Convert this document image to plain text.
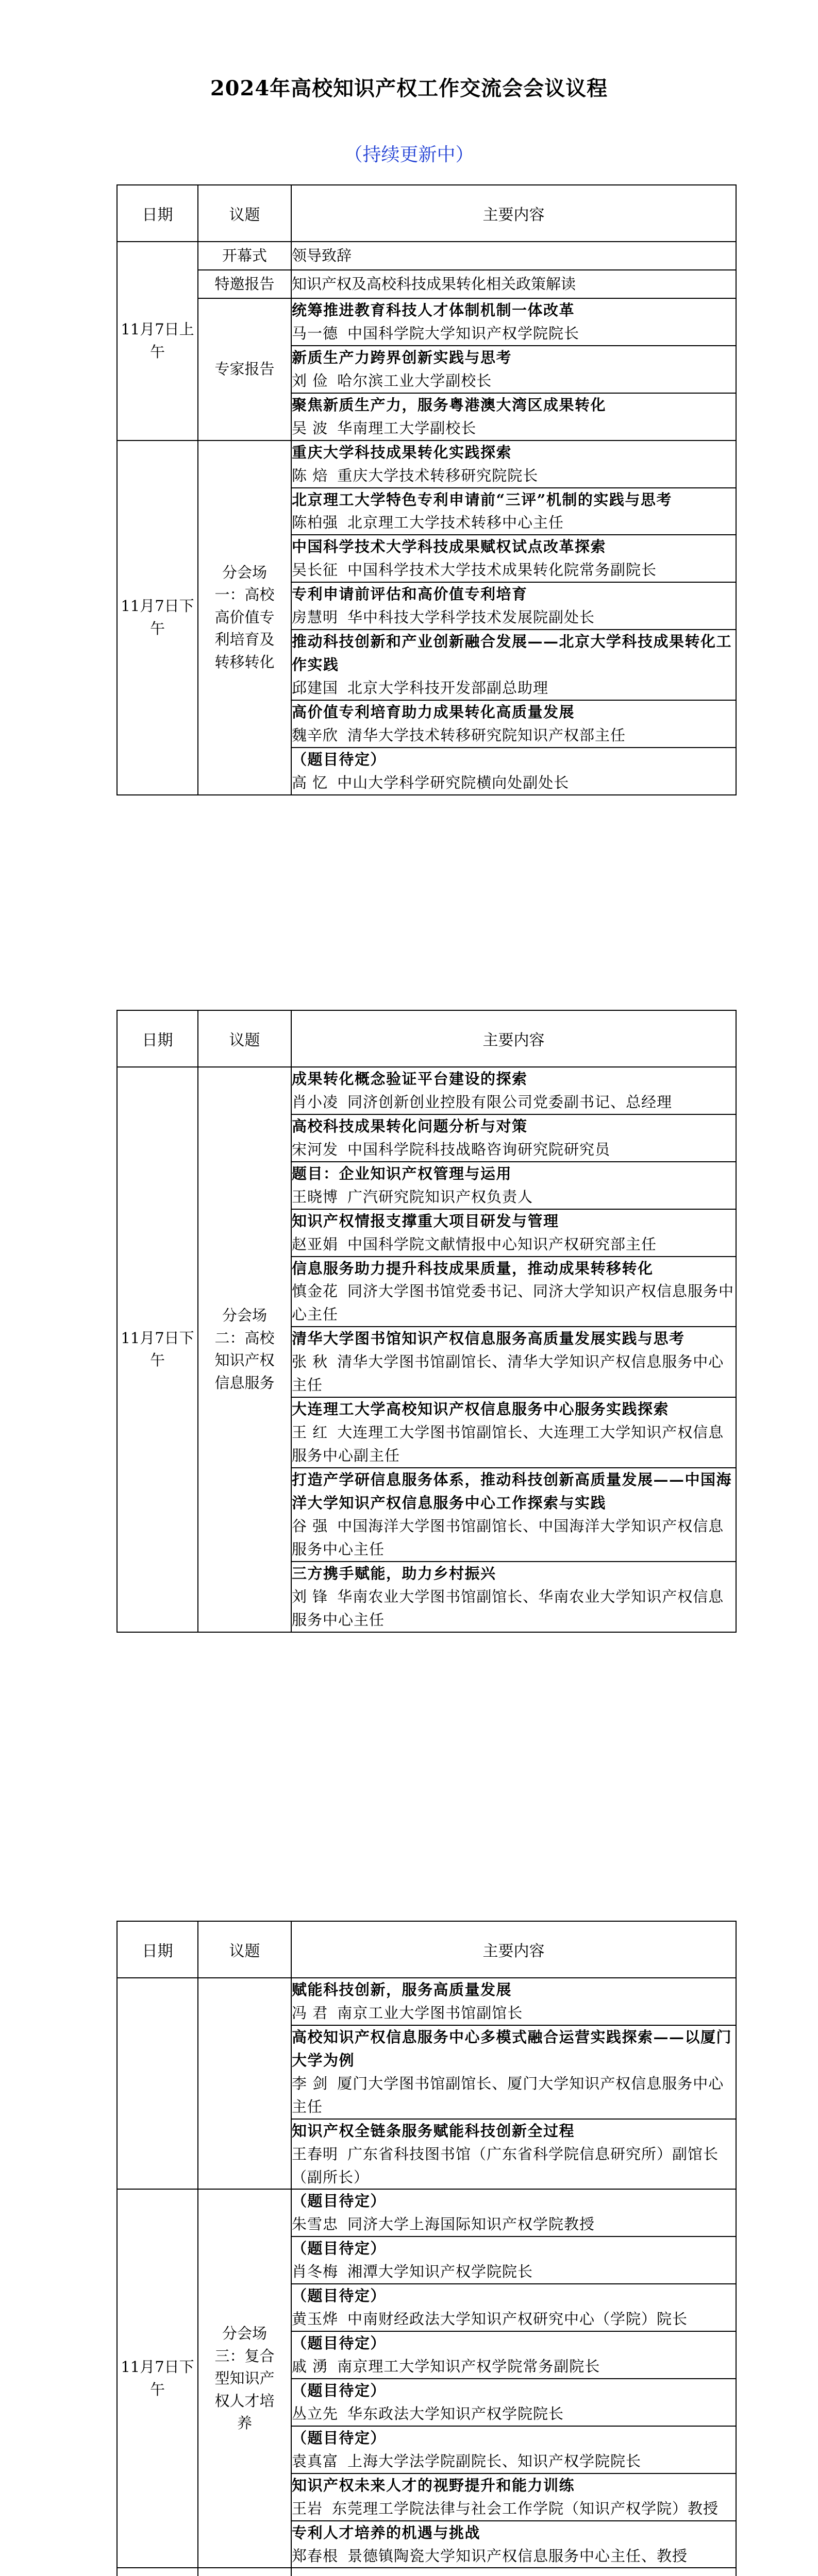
2024年高校知识产权工作交流会会议议程
（持续更新中）
日期	议题	主要内容
11月7日上午	开幕式	领导致辞
	特邀报告	知识产权及高校科技成果转化相关政策解读
	专家报告	统筹推进教育科技人才体制机制一体改革
马一德 中国科学院大学知识产权学院院长

		新质生产力跨界创新实践与思考
刘 俭 哈尔滨工业大学副校长

		聚焦新质生产力，服务粤港澳大湾区成果转化
吴 波 华南理工大学副校长

11月7日下午	分会场一：高校高价值专利培育及转移转化	重庆大学科技成果转化实践探索
陈 焙 重庆大学技术转移研究院院长

		北京理工大学特色专利申请前“三评”机制的实践与思考
陈柏强 北京理工大学技术转移中心主任

		中国科学技术大学科技成果赋权试点改革探索
吴长征 中国科学技术大学技术成果转化院常务副院长

		专利申请前评估和高价值专利培育
房慧明 华中科技大学科学技术发展院副处长

		推动科技创新和产业创新融合发展——北京大学科技成果转化工作实践
邱建国 北京大学科技开发部副总助理

		高价值专利培育助力成果转化高质量发展
魏辛欣 清华大学技术转移研究院知识产权部主任

		（题目待定）
高 忆 中山大学科学研究院横向处副处长
日期	议题	主要内容
11月7日下午	分会场二：高校知识产权信息服务	成果转化概念验证平台建设的探索
肖小凌 同济创新创业控股有限公司党委副书记、总经理

		高校科技成果转化问题分析与对策
宋河发 中国科学院科技战略咨询研究院研究员

		题目：企业知识产权管理与运用
王晓博 广汽研究院知识产权负责人

		知识产权情报支撑重大项目研发与管理
赵亚娟 中国科学院文献情报中心知识产权研究部主任

		信息服务助力提升科技成果质量，推动成果转移转化
慎金花 同济大学图书馆党委书记、同济大学知识产权信息服务中心主任

		清华大学图书馆知识产权信息服务高质量发展实践与思考
张 秋 清华大学图书馆副馆长、清华大学知识产权信息服务中心主任

		大连理工大学高校知识产权信息服务中心服务实践探索
王 红 大连理工大学图书馆副馆长、大连理工大学知识产权信息服务中心副主任

		打造产学研信息服务体系，推动科技创新高质量发展——中国海洋大学知识产权信息服务中心工作探索与实践
谷 强 中国海洋大学图书馆副馆长、中国海洋大学知识产权信息服务中心主任

		三方携手赋能，助力乡村振兴
刘 锋 华南农业大学图书馆副馆长、华南农业大学知识产权信息服务中心主任
日期	议题	主要内容

		赋能科技创新，服务高质量发展
冯 君 南京工业大学图书馆副馆长

		高校知识产权信息服务中心多模式融合运营实践探索——以厦门大学为例
李 剑 厦门大学图书馆副馆长、厦门大学知识产权信息服务中心主任

		知识产权全链条服务赋能科技创新全过程
王春明 广东省科技图书馆（广东省科学院信息研究所）副馆长（副所长）

11月7日下午	分会场三：复合型知识产权人才培养	（题目待定）
朱雪忠 同济大学上海国际知识产权学院教授

		（题目待定）
肖冬梅 湘潭大学知识产权学院院长

		（题目待定）
黄玉烨 中南财经政法大学知识产权研究中心（学院）院长

		（题目待定）
戚 湧 南京理工大学知识产权学院常务副院长

		（题目待定）
丛立先 华东政法大学知识产权学院院长

		（题目待定）
袁真富 上海大学法学院副院长、知识产权学院院长

		知识产权未来人才的视野提升和能力训练
王岩 东莞理工学院法律与社会工作学院（知识产权学院）教授

		专利人才培养的机遇与挑战
郑春根 景德镇陶瓷大学知识产权信息服务中心主任、教授
